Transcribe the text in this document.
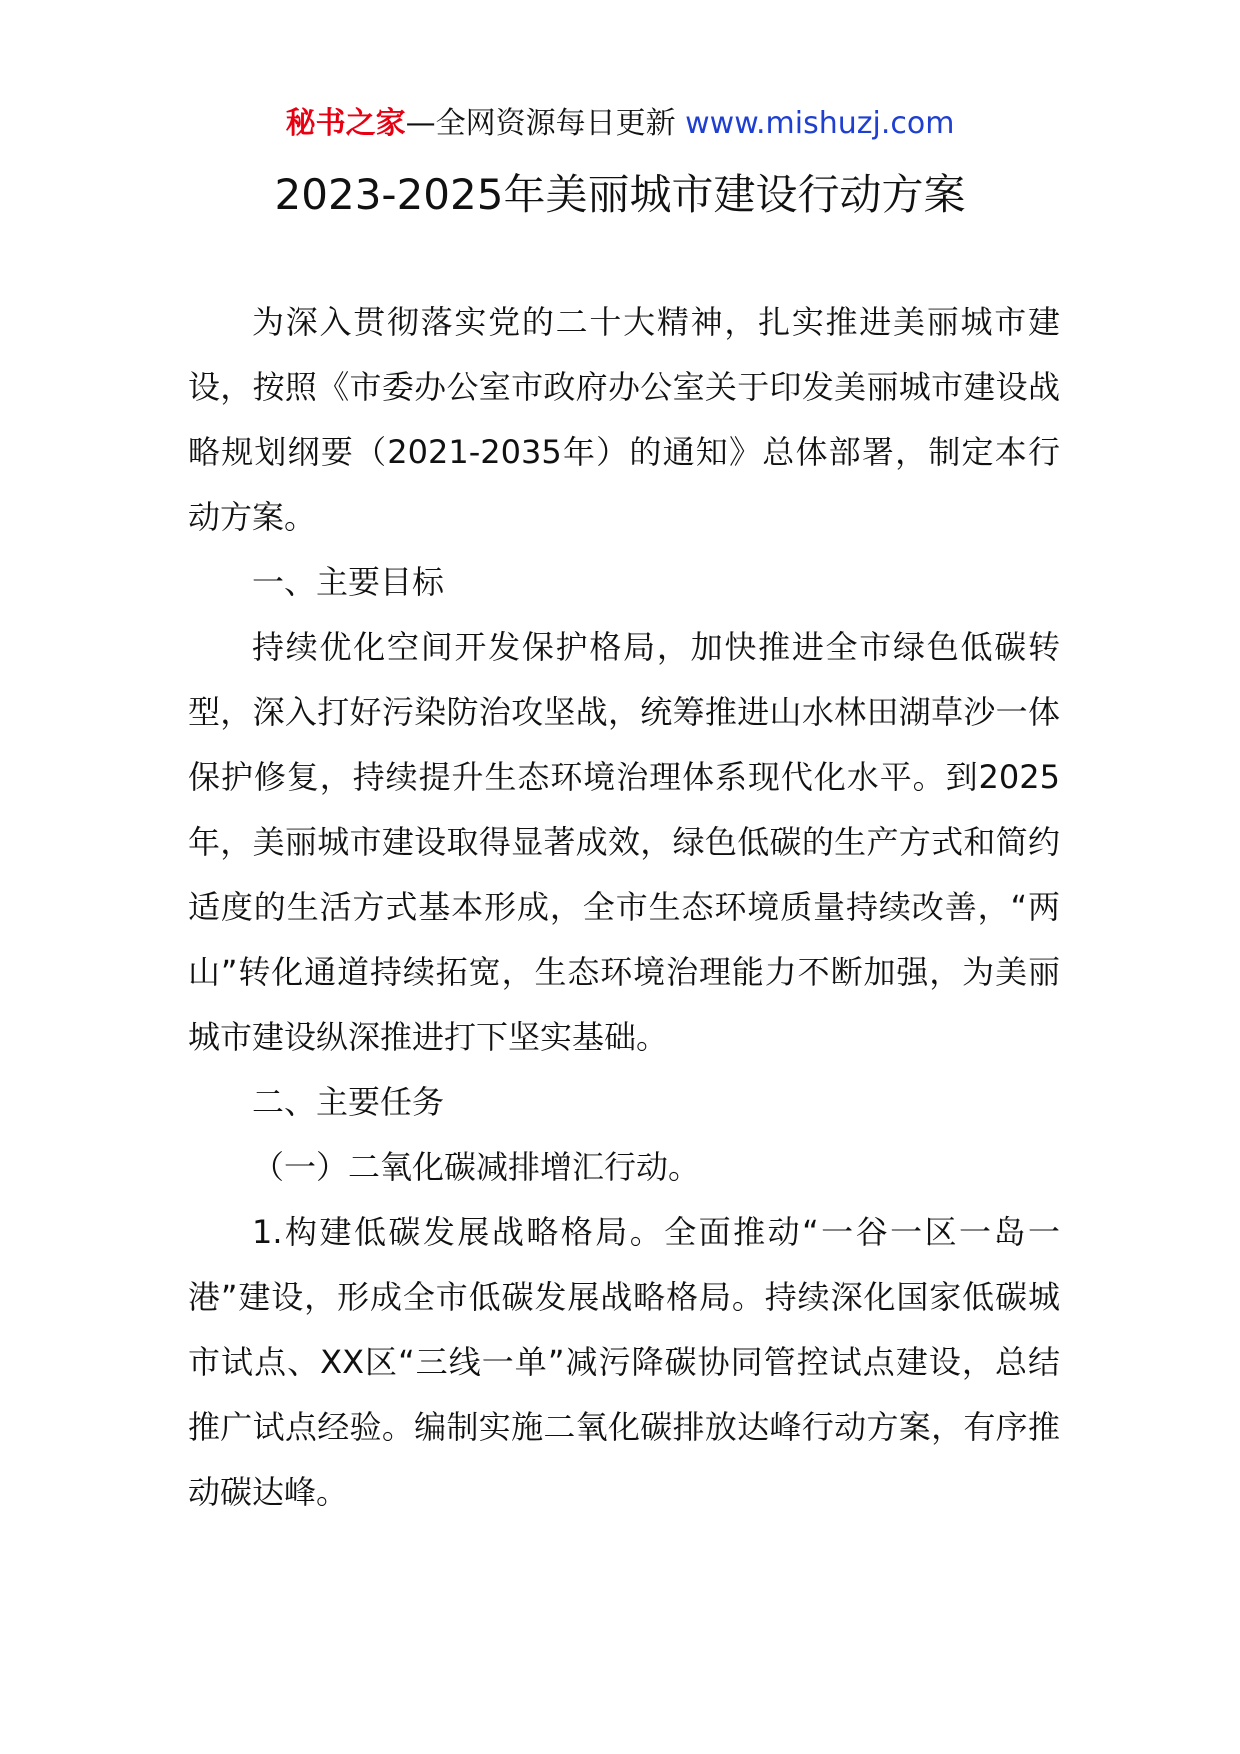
秘书之家—全网资源每日更新 www.mishuzj.com
2023-2025年美丽城市建设行动方案

为深入贯彻落实党的二十大精神，扎实推进美丽城市建设，按照《市委办公室市政府办公室关于印发美丽城市建设战略规划纲要（2021-2035年）的通知》总体部署，制定本行动方案。

一、主要目标

持续优化空间开发保护格局，加快推进全市绿色低碳转型，深入打好污染防治攻坚战，统筹推进山水林田湖草沙一体保护修复，持续提升生态环境治理体系现代化水平。到2025年，美丽城市建设取得显著成效，绿色低碳的生产方式和简约适度的生活方式基本形成，全市生态环境质量持续改善，“两山”转化通道持续拓宽，生态环境治理能力不断加强，为美丽城市建设纵深推进打下坚实基础。

二、主要任务

（一）二氧化碳减排增汇行动。

1.构建低碳发展战略格局。全面推动“一谷一区一岛一港”建设，形成全市低碳发展战略格局。持续深化国家低碳城市试点、XX区“三线一单”减污降碳协同管控试点建设，总结推广试点经验。编制实施二氧化碳排放达峰行动方案，有序推动碳达峰。
